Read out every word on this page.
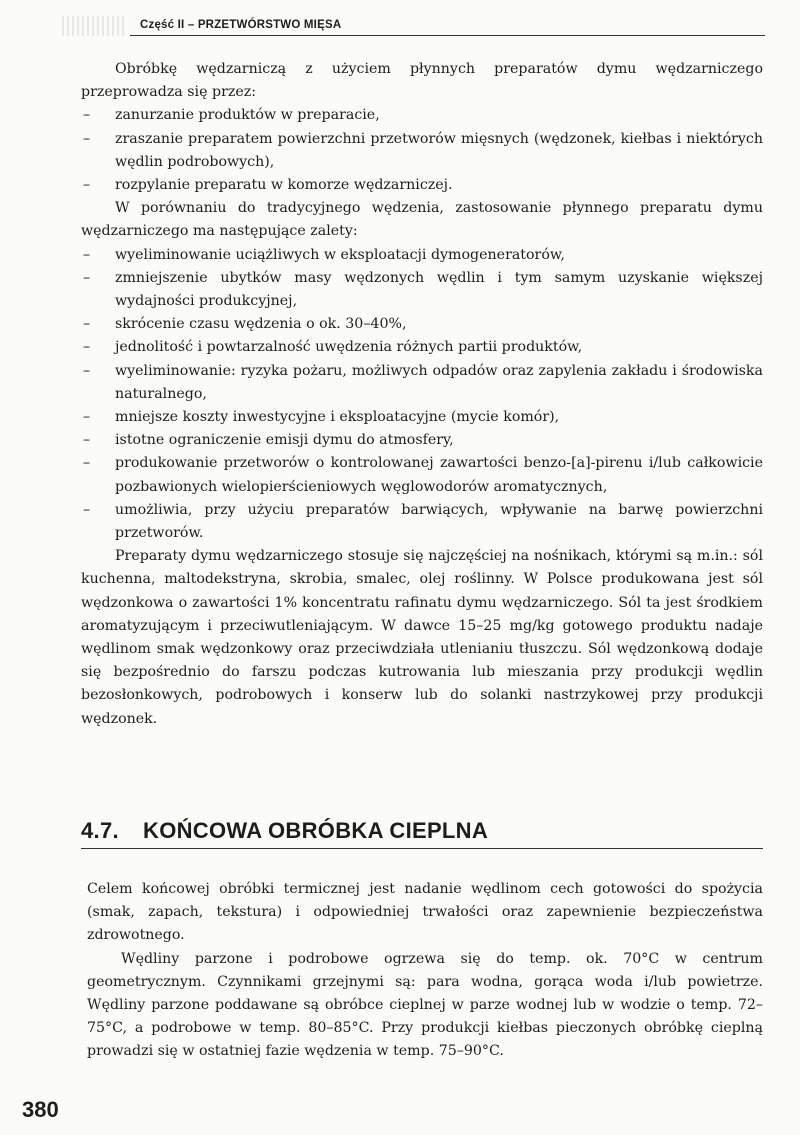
Część II – PRZETWÓRSTWO MIĘSA

Obróbkę wędzarniczą z użyciem płynnych preparatów dymu wędzarniczego przeprowadza się przez:

– zanurzanie produktów w preparacie,
– zraszanie preparatem powierzchni przetworów mięsnych (wędzonek, kiełbas i niektórych wędlin podrobowych),
– rozpylanie preparatu w komorze wędzarniczej.

W porównaniu do tradycyjnego wędzenia, zastosowanie płynnego preparatu dymu wędzarniczego ma następujące zalety:

– wyeliminowanie uciążliwych w eksploatacji dymogeneratorów,
– zmniejszenie ubytków masy wędzonych wędlin i tym samym uzyskanie większej wydajności produkcyjnej,
– skrócenie czasu wędzenia o ok. 30–40%,
– jednolitość i powtarzalność uwędzenia różnych partii produktów,
– wyeliminowanie: ryzyka pożaru, możliwych odpadów oraz zapylenia zakładu i środowiska naturalnego,
– mniejsze koszty inwestycyjne i eksploatacyjne (mycie komór),
– istotne ograniczenie emisji dymu do atmosfery,
– produkowanie przetworów o kontrolowanej zawartości benzo-[a]-pirenu i/lub całkowicie pozbawionych wielopierścieniowych węglowodorów aromatycznych,
– umożliwia, przy użyciu preparatów barwiących, wpływanie na barwę powierzchni przetworów.

Preparaty dymu wędzarniczego stosuje się najczęściej na nośnikach, którymi są m.in.: sól kuchenna, maltodekstryna, skrobia, smalec, olej roślinny. W Polsce produkowana jest sól wędzonkowa o zawartości 1% koncentratu rafinatu dymu wędzarniczego. Sól ta jest środkiem aromatyzującym i przeciwutleniającym. W dawce 15–25 mg/kg gotowego produktu nadaje wędlinom smak wędzonkowy oraz przeciwdziała utlenianiu tłuszczu. Sól wędzonkową dodaje się bezpośrednio do farszu podczas kutrowania lub mieszania przy produkcji wędlin bezosłonkowych, podrobowych i konserw lub do solanki nastrzykowej przy produkcji wędzonek.

4.7. KOŃCOWA OBRÓBKA CIEPLNA

Celem końcowej obróbki termicznej jest nadanie wędlinom cech gotowości do spożycia (smak, zapach, tekstura) i odpowiedniej trwałości oraz zapewnienie bezpieczeństwa zdrowotnego.

Wędliny parzone i podrobowe ogrzewa się do temp. ok. 70°C w centrum geometrycznym. Czynnikami grzejnymi są: para wodna, gorąca woda i/lub powietrze. Wędliny parzone poddawane są obróbce cieplnej w parze wodnej lub w wodzie o temp. 72–75°C, a podrobowe w temp. 80–85°C. Przy produkcji kiełbas pieczonych obróbkę cieplną prowadzi się w ostatniej fazie wędzenia w temp. 75–90°C.

380
